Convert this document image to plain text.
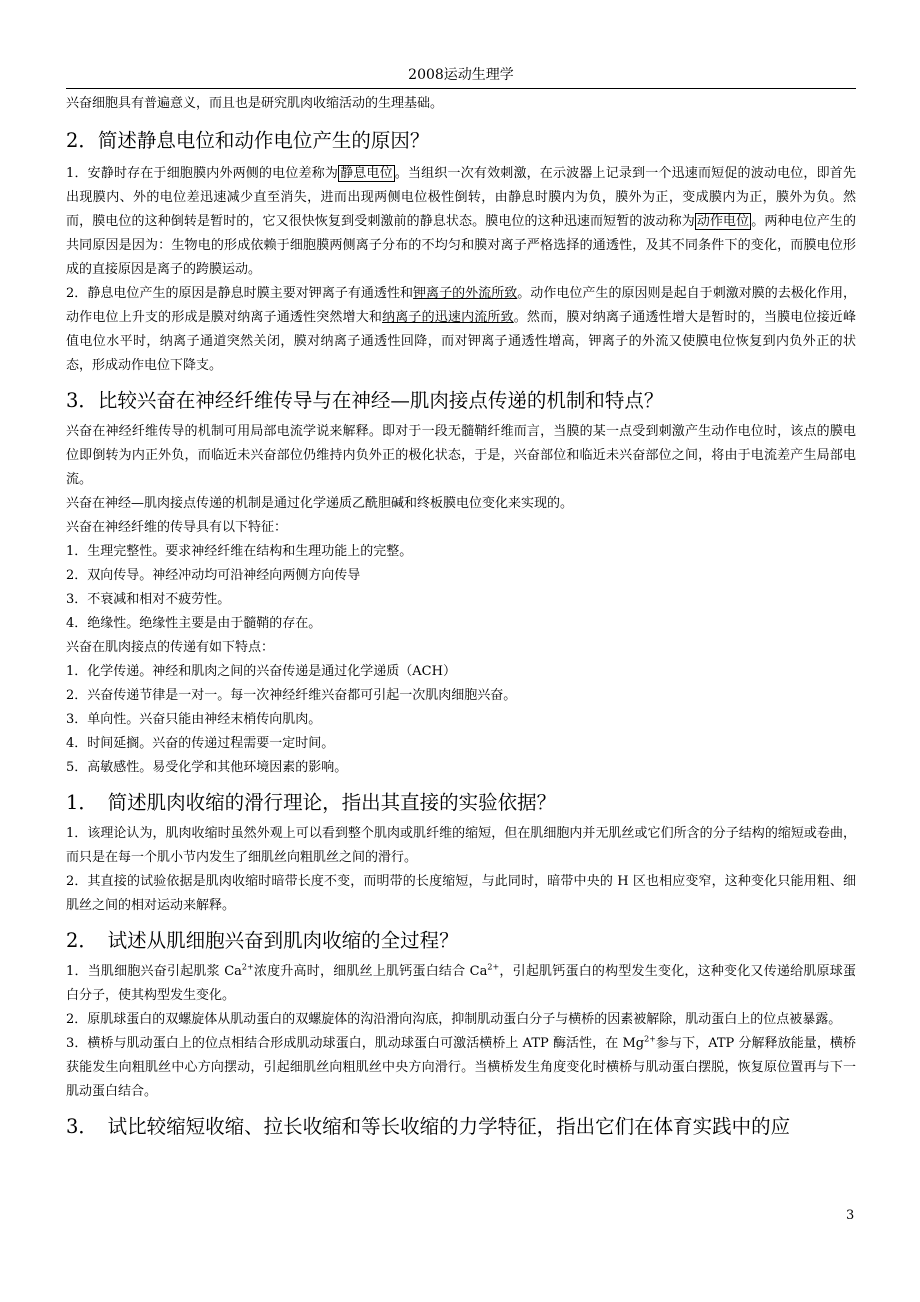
2008运动生理学

兴奋细胞具有普遍意义，而且也是研究肌肉收缩活动的生理基础。

2．简述静息电位和动作电位产生的原因？

1．安静时存在于细胞膜内外两侧的电位差称为 静息电位 。当组织一次有效刺激，在示波器上记录到一个迅速而短促的波动电位，即首先出现膜内、外的电位差迅速减少直至消失，进而出现两侧电位极性倒转，由静息时膜内为负，膜外为正，变成膜内为正，膜外为负。然而，膜电位的这种倒转是暂时的，它又很快恢复到受刺激前的静息状态。膜电位的这种迅速而短暂的波动称为 动作电位 。两种电位产生的共同原因是因为：生物电的形成依赖于细胞膜两侧离子分布的不均匀和膜对离子严格选择的通透性，及其不同条件下的变化，而膜电位形成的直接原因是离子的跨膜运动。

2．静息电位产生的原因是静息时膜主要对钾离子有通透性和钾离子的外流所致。动作电位产生的原因则是起自于刺激对膜的去极化作用，动作电位上升支的形成是膜对纳离子通透性突然增大和纳离子的迅速内流所致。然而，膜对纳离子通透性增大是暂时的，当膜电位接近峰值电位水平时，纳离子通道突然关闭，膜对纳离子通透性回降，而对钾离子通透性增高，钾离子的外流又使膜电位恢复到内负外正的状态，形成动作电位下降支。

3．比较兴奋在神经纤维传导与在神经—肌肉接点传递的机制和特点？

兴奋在神经纤维传导的机制可用局部电流学说来解释。即对于一段无髓鞘纤维而言，当膜的某一点受到刺激产生动作电位时，该点的膜电位即倒转为内正外负，而临近未兴奋部位仍维持内负外正的极化状态，于是，兴奋部位和临近未兴奋部位之间，将由于电流差产生局部电流。

兴奋在神经—肌肉接点传递的机制是通过化学递质乙酰胆碱和终板膜电位变化来实现的。

兴奋在神经纤维的传导具有以下特征：

1．生理完整性。要求神经纤维在结构和生理功能上的完整。

2．双向传导。神经冲动均可沿神经向两侧方向传导

3．不衰减和相对不疲劳性。

4．绝缘性。绝缘性主要是由于髓鞘的存在。

兴奋在肌肉接点的传递有如下特点：

1．化学传递。神经和肌肉之间的兴奋传递是通过化学递质（ACH）

2．兴奋传递节律是一对一。每一次神经纤维兴奋都可引起一次肌肉细胞兴奋。

3．单向性。兴奋只能由神经末梢传向肌肉。

4．时间延搁。兴奋的传递过程需要一定时间。

5．高敏感性。易受化学和其他环境因素的影响。

1．　简述肌肉收缩的滑行理论，指出其直接的实验依据？

1．该理论认为，肌肉收缩时虽然外观上可以看到整个肌肉或肌纤维的缩短，但在肌细胞内并无肌丝或它们所含的分子结构的缩短或卷曲，而只是在每一个肌小节内发生了细肌丝向粗肌丝之间的滑行。

2．其直接的试验依据是肌肉收缩时暗带长度不变，而明带的长度缩短，与此同时，暗带中央的 H 区也相应变窄，这种变化只能用粗、细肌丝之间的相对运动来解释。

2．　试述从肌细胞兴奋到肌肉收缩的全过程？

1．当肌细胞兴奋引起肌浆 $Ca^{2+}$浓度升高时，细肌丝上肌钙蛋白结合 $Ca^{2+}$，引起肌钙蛋白的构型发生变化，这种变化又传递给肌原球蛋白分子，使其构型发生变化。

2．原肌球蛋白的双螺旋体从肌动蛋白的双螺旋体的沟沿滑向沟底，抑制肌动蛋白分子与横桥的因素被解除，肌动蛋白上的位点被暴露。

3．横桥与肌动蛋白上的位点相结合形成肌动球蛋白，肌动球蛋白可激活横桥上 ATP 酶活性，在 $Mg^{2+}$参与下，ATP 分解释放能量，横桥获能发生向粗肌丝中心方向摆动，引起细肌丝向粗肌丝中央方向滑行。当横桥发生角度变化时横桥与肌动蛋白摆脱，恢复原位置再与下一肌动蛋白结合。

3．　试比较缩短收缩、拉长收缩和等长收缩的力学特征，指出它们在体育实践中的应
3
